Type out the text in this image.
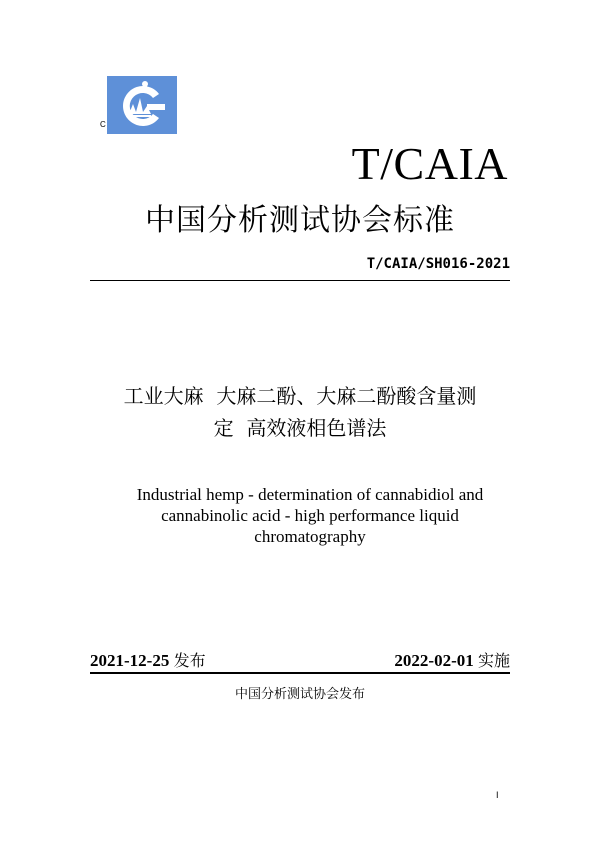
C
T/CAIA
中国分析测试协会标准
T/CAIA/SH016-2021
工业大麻  大麻二酚、大麻二酚酸含量测
定  高效液相色谱法
Industrial hemp - determination of cannabidiol and cannabinolic acid - high performance liquid chromatography
2021-12-25 发布	2022-02-01 实施
中国分析测试协会发布
I
